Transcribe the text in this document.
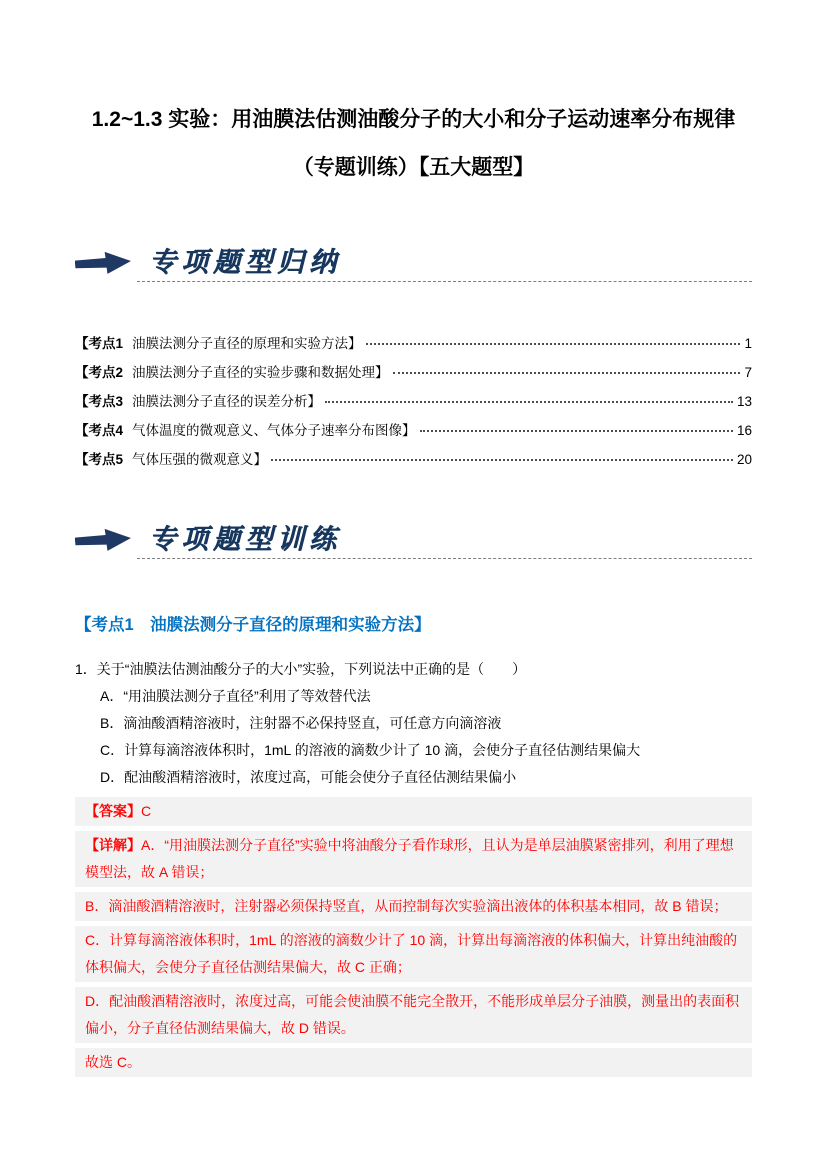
1.2~1.3 实验：用油膜法估测油酸分子的大小和分子运动速率分布规律
（专题训练）【五大题型】
专项题型归纳
【考点1 油膜法测分子直径的原理和实验方法】	1
【考点2 油膜法测分子直径的实验步骤和数据处理】	7
【考点3 油膜法测分子直径的误差分析】	13
【考点4 气体温度的微观意义、气体分子速率分布图像】	16
【考点5 气体压强的微观意义】	20
专项题型训练
【考点1　油膜法测分子直径的原理和实验方法】
1．关于“油膜法估测油酸分子的大小”实验，下列说法中正确的是（　　）
A．“用油膜法测分子直径”利用了等效替代法
B．滴油酸酒精溶液时，注射器不必保持竖直，可任意方向滴溶液
C．计算每滴溶液体积时，1mL 的溶液的滴数少计了 10 滴，会使分子直径估测结果偏大
D．配油酸酒精溶液时，浓度过高，可能会使分子直径估测结果偏小
【答案】C
【详解】A．“用油膜法测分子直径”实验中将油酸分子看作球形，且认为是单层油膜紧密排列，利用了理想模型法，故 A 错误；
B．滴油酸酒精溶液时，注射器必须保持竖直，从而控制每次实验滴出液体的体积基本相同，故 B 错误；
C．计算每滴溶液体积时，1mL 的溶液的滴数少计了 10 滴，计算出每滴溶液的体积偏大，计算出纯油酸的体积偏大，会使分子直径估测结果偏大，故 C 正确；
D．配油酸酒精溶液时，浓度过高，可能会使油膜不能完全散开，不能形成单层分子油膜，测量出的表面积偏小，分子直径估测结果偏大，故 D 错误。
故选 C。
